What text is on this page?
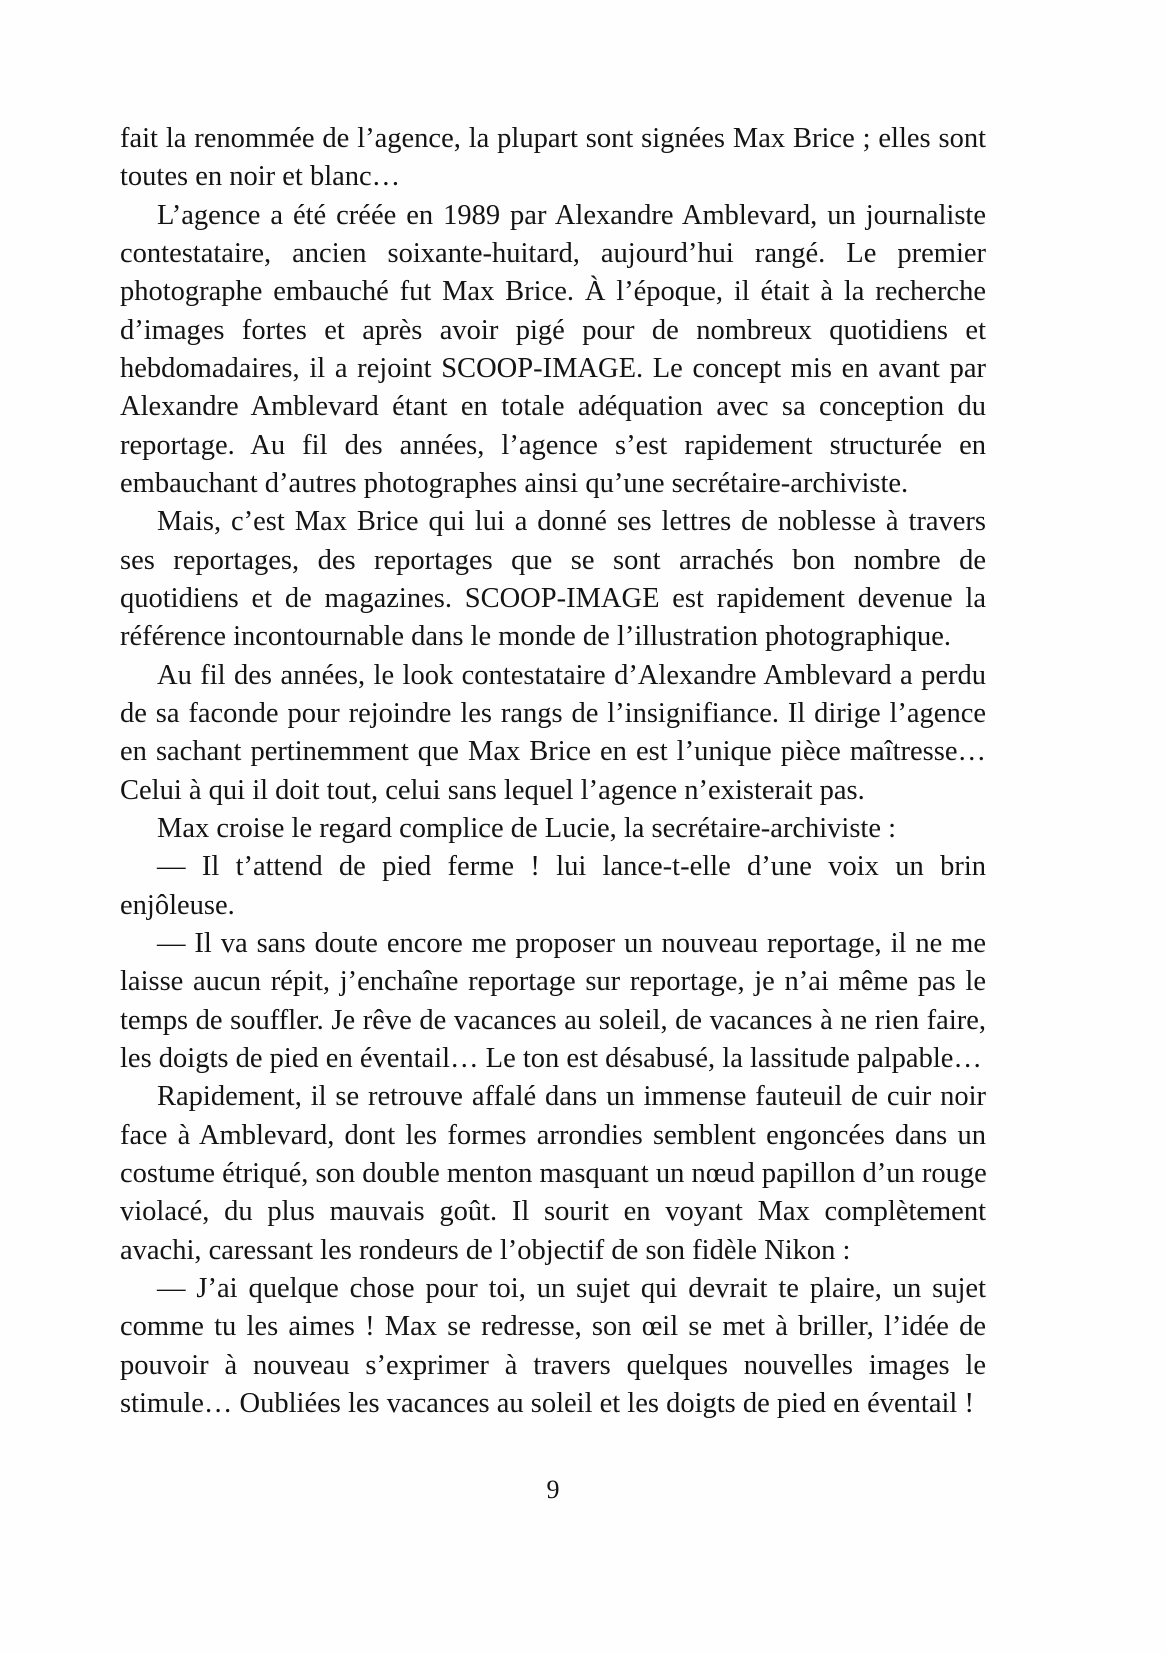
fait la renommée de l’agence, la plupart sont signées Max Brice ; elles sont
toutes en noir et blanc…
L’agence a été créée en 1989 par Alexandre Amblevard, un journaliste
contestataire, ancien soixante-huitard, aujourd’hui rangé. Le premier
photographe embauché fut Max Brice. À l’époque, il était à la recherche
d’images fortes et après avoir pigé pour de nombreux quotidiens et
hebdomadaires, il a rejoint SCOOP-IMAGE. Le concept mis en avant par
Alexandre Amblevard étant en totale adéquation avec sa conception du
reportage. Au fil des années, l’agence s’est rapidement structurée en
embauchant d’autres photographes ainsi qu’une secrétaire-archiviste.
Mais, c’est Max Brice qui lui a donné ses lettres de noblesse à travers
ses reportages, des reportages que se sont arrachés bon nombre de
quotidiens et de magazines. SCOOP-IMAGE est rapidement devenue la
référence incontournable dans le monde de l’illustration photographique.
Au fil des années, le look contestataire d’Alexandre Amblevard a perdu
de sa faconde pour rejoindre les rangs de l’insignifiance. Il dirige l’agence
en sachant pertinemment que Max Brice en est l’unique pièce maîtresse…
Celui à qui il doit tout, celui sans lequel l’agence n’existerait pas.
Max croise le regard complice de Lucie, la secrétaire-archiviste :
— Il t’attend de pied ferme ! lui lance-t-elle d’une voix un brin
enjôleuse.
— Il va sans doute encore me proposer un nouveau reportage, il ne me
laisse aucun répit, j’enchaîne reportage sur reportage, je n’ai même pas le
temps de souffler. Je rêve de vacances au soleil, de vacances à ne rien faire,
les doigts de pied en éventail… Le ton est désabusé, la lassitude palpable…
Rapidement, il se retrouve affalé dans un immense fauteuil de cuir noir
face à Amblevard, dont les formes arrondies semblent engoncées dans un
costume étriqué, son double menton masquant un nœud papillon d’un rouge
violacé, du plus mauvais goût. Il sourit en voyant Max complètement
avachi, caressant les rondeurs de l’objectif de son fidèle Nikon :
— J’ai quelque chose pour toi, un sujet qui devrait te plaire, un sujet
comme tu les aimes ! Max se redresse, son œil se met à briller, l’idée de
pouvoir à nouveau s’exprimer à travers quelques nouvelles images le
stimule… Oubliées les vacances au soleil et les doigts de pied en éventail !
9
